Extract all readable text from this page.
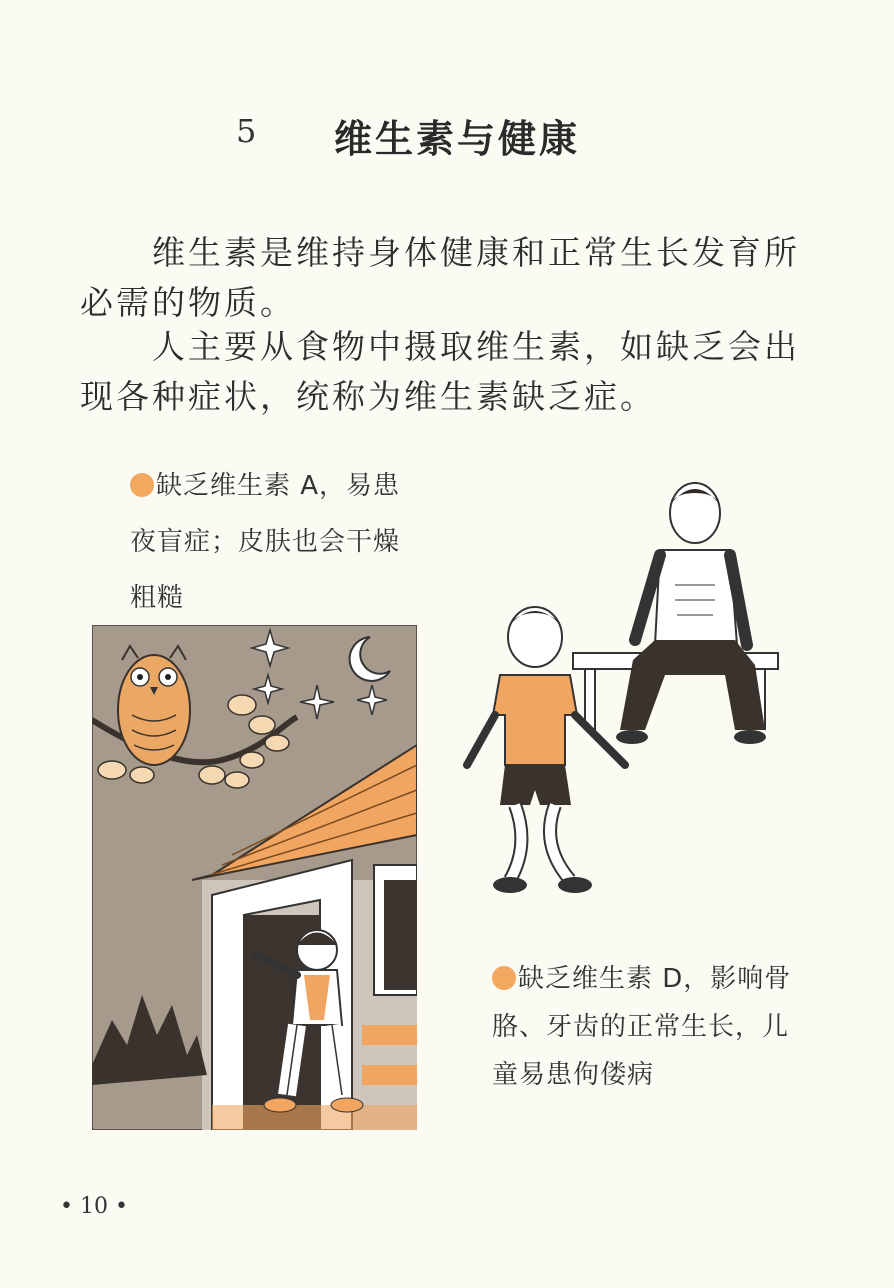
5 维生素与健康
维生素是维持身体健康和正常生长发育所必需的物质。
人主要从食物中摄取维生素，如缺乏会出现各种症状，统称为维生素缺乏症。
缺乏维生素 A，易患夜盲症；皮肤也会干燥粗糙
缺乏维生素 D，影响骨胳、牙齿的正常生长，儿童易患佝偻病
• 10 •
